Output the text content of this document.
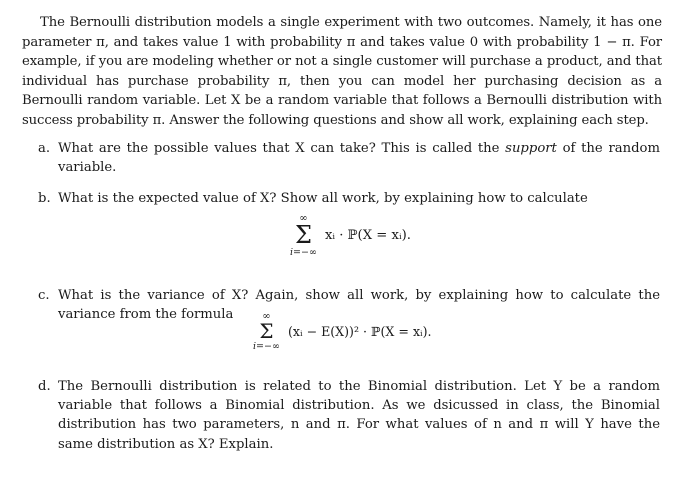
The Bernoulli distribution models a single experiment with two outcomes. Namely, it has one parameter π, and takes value 1 with probability π and takes value 0 with probability 1 − π. For example, if you are modeling whether or not a single customer will purchase a product, and that individual has purchase probability π, then you can model her purchasing decision as a Bernoulli random variable. Let X be a random variable that follows a Bernoulli distribution with success probability π. Answer the following questions and show all work, explaining each step.

a. What are the possible values that X can take? This is called the support of the random variable.
b. What is the expected value of X? Show all work, by explaining how to calculate
∞
Σ
i=−∞
xᵢ · ℙ(X = xᵢ).
c. What is the variance of X? Again, show all work, by explaining how to calculate the variance from the formula	∞
Σ
i=−∞
(xᵢ − E(X))² · ℙ(X = xᵢ).
d. The Bernoulli distribution is related to the Binomial distribution. Let Y be a random variable that follows a Binomial distribution. As we dsicussed in class, the Binomial distribution has two parameters, n and π. For what values of n and π will Y have the same distribution as X? Explain.
